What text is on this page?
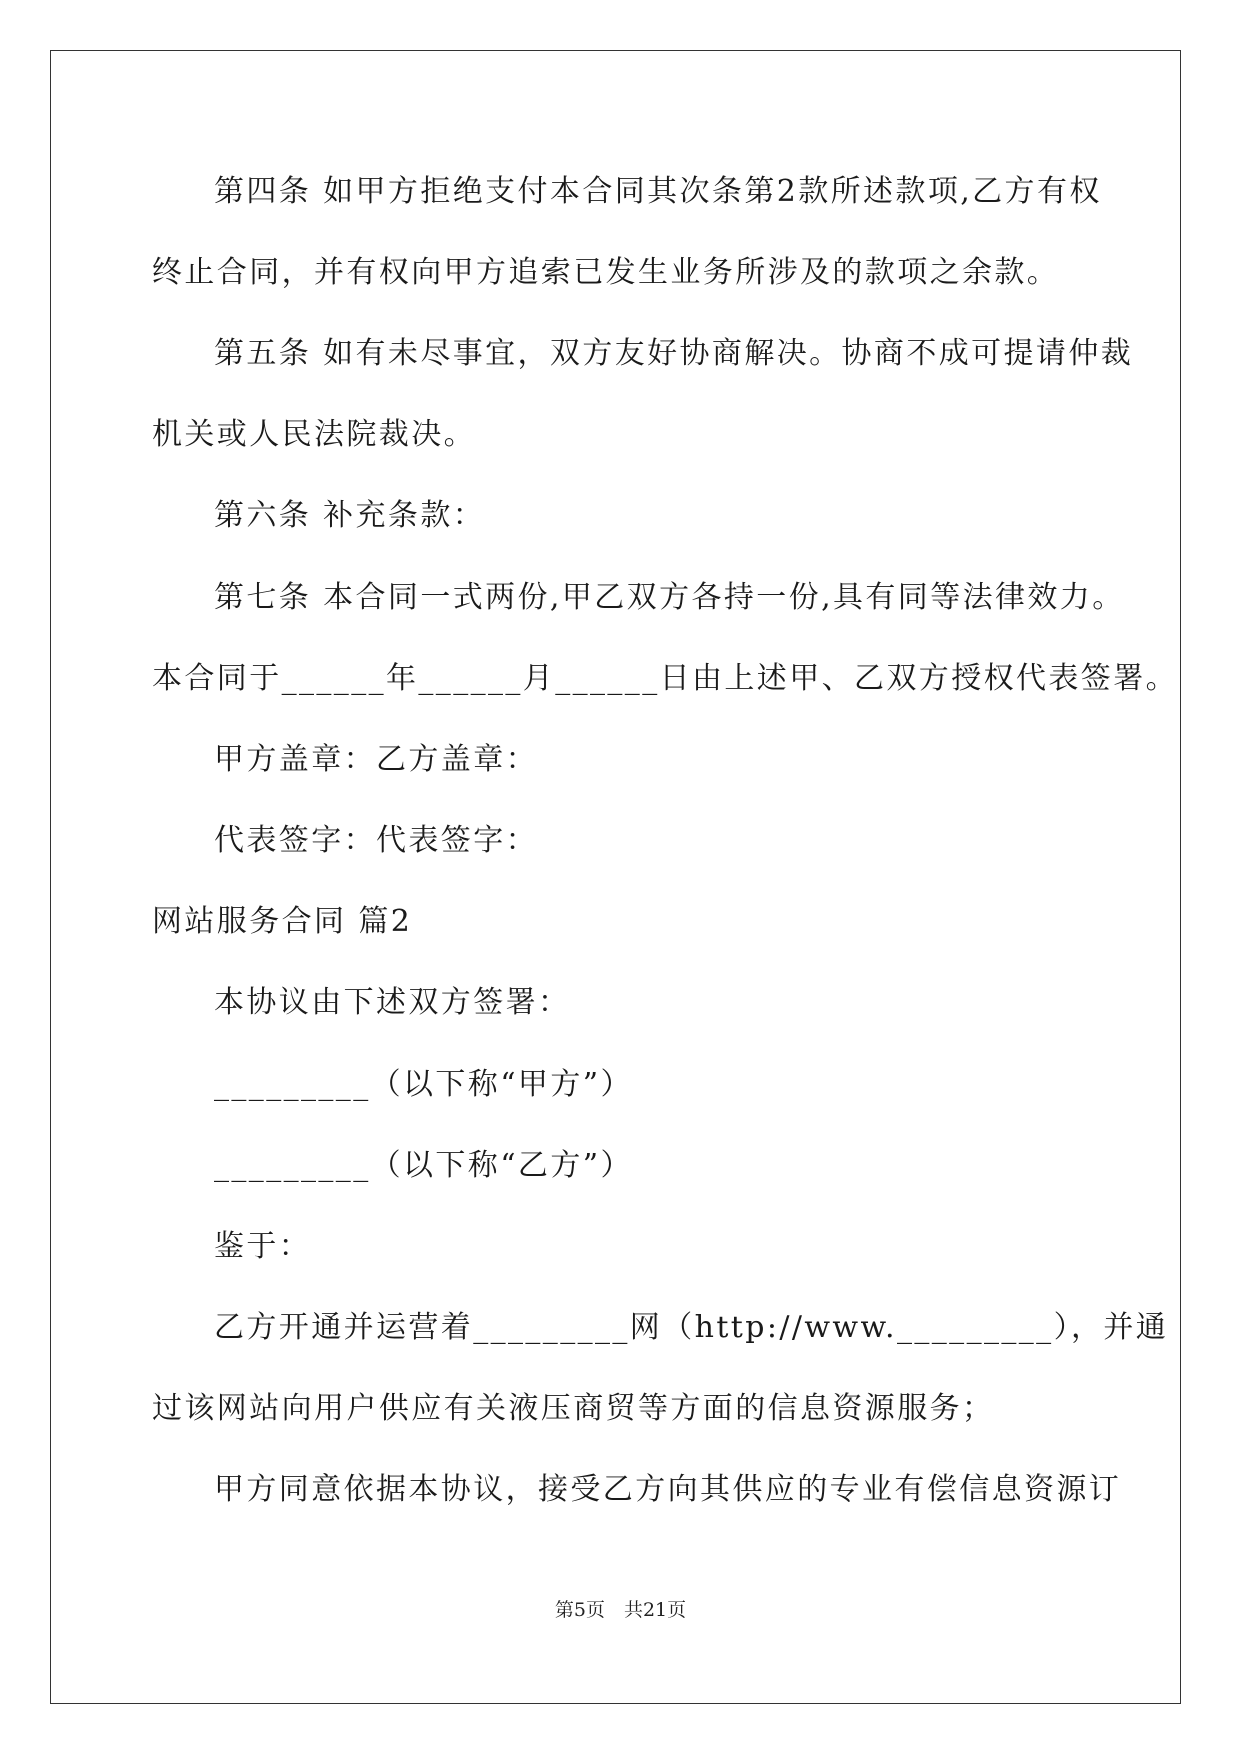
第四条 如甲方拒绝支付本合同其次条第2款所述款项,乙方有权
终止合同，并有权向甲方追索已发生业务所涉及的款项之余款。
第五条 如有未尽事宜，双方友好协商解决。协商不成可提请仲裁
机关或人民法院裁决。
第六条 补充条款：
第七条 本合同一式两份,甲乙双方各持一份,具有同等法律效力。
本合同于______年______月______日由上述甲、乙双方授权代表签署。
甲方盖章：乙方盖章：
代表签字：代表签字：
网站服务合同 篇2
本协议由下述双方签署：
_________（以下称“甲方”）
_________（以下称“乙方”）
鉴于：
乙方开通并运营着_________网（http://www._________），并通
过该网站向用户供应有关液压商贸等方面的信息资源服务；
甲方同意依据本协议，接受乙方向其供应的专业有偿信息资源订
第5页　共21页
